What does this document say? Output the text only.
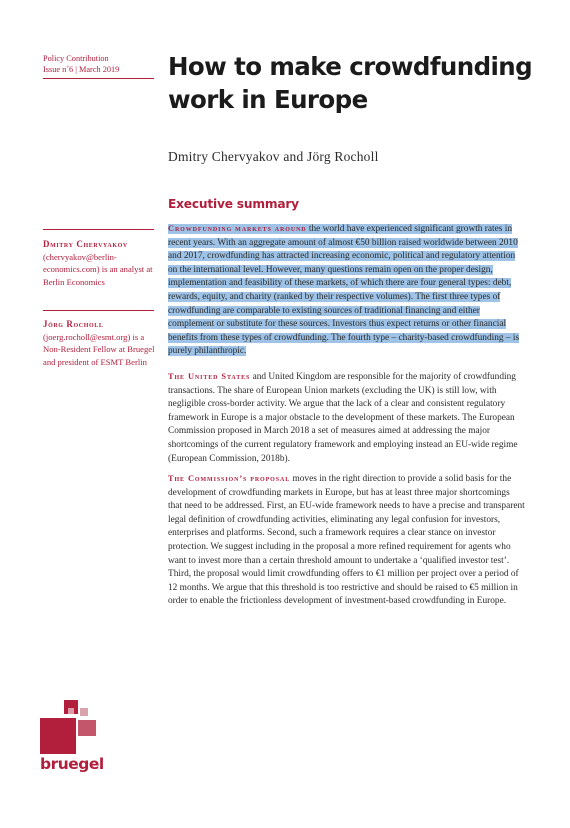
Policy Contribution
Issue n˚6 | March 2019	How to make crowdfunding work in Europe
Dmitry Chervyakov and Jörg Rocholl
Executive summary
Dmitry Chervyakov (chervyakov@berlin-economics.com) is an analyst at Berlin Economics
Jörg Rocholl (joerg.rocholl@esmt.org) is a Non-Resident Fellow at Bruegel and president of ESMT Berlin

Crowdfunding markets around the world have experienced significant growth rates in recent years. With an aggregate amount of almost €50 billion raised worldwide between 2010 and 2017, crowdfunding has attracted increasing economic, political and regulatory attention on the international level. However, many questions remain open on the proper design, implementation and feasibility of these markets, of which there are four general types: debt, rewards, equity, and charity (ranked by their respective volumes). The first three types of crowdfunding are comparable to existing sources of traditional financing and either complement or substitute for these sources. Investors thus expect returns or other financial benefits from these types of crowdfunding. The fourth type – charity-based crowdfunding – is purely philanthropic.

The United States and United Kingdom are responsible for the majority of crowdfunding transactions. The share of European Union markets (excluding the UK) is still low, with negligible cross-border activity. We argue that the lack of a clear and consistent regulatory framework in Europe is a major obstacle to the development of these markets. The European Commission proposed in March 2018 a set of measures aimed at addressing the major shortcomings of the current regulatory framework and employing instead an EU-wide regime (European Commission, 2018b).

The Commission’s proposal moves in the right direction to provide a solid basis for the development of crowdfunding markets in Europe, but has at least three major shortcomings that need to be addressed. First, an EU-wide framework needs to have a precise and transparent legal definition of crowdfunding activities, eliminating any legal confusion for investors, enterprises and platforms. Second, such a framework requires a clear stance on investor protection. We suggest including in the proposal a more refined requirement for agents who want to invest more than a certain threshold amount to undertake a ‘qualified investor test’. Third, the proposal would limit crowdfunding offers to €1 million per project over a period of 12 months. We argue that this threshold is too restrictive and should be raised to €5 million in order to enable the frictionless development of investment-based crowdfunding in Europe.

bruegel
